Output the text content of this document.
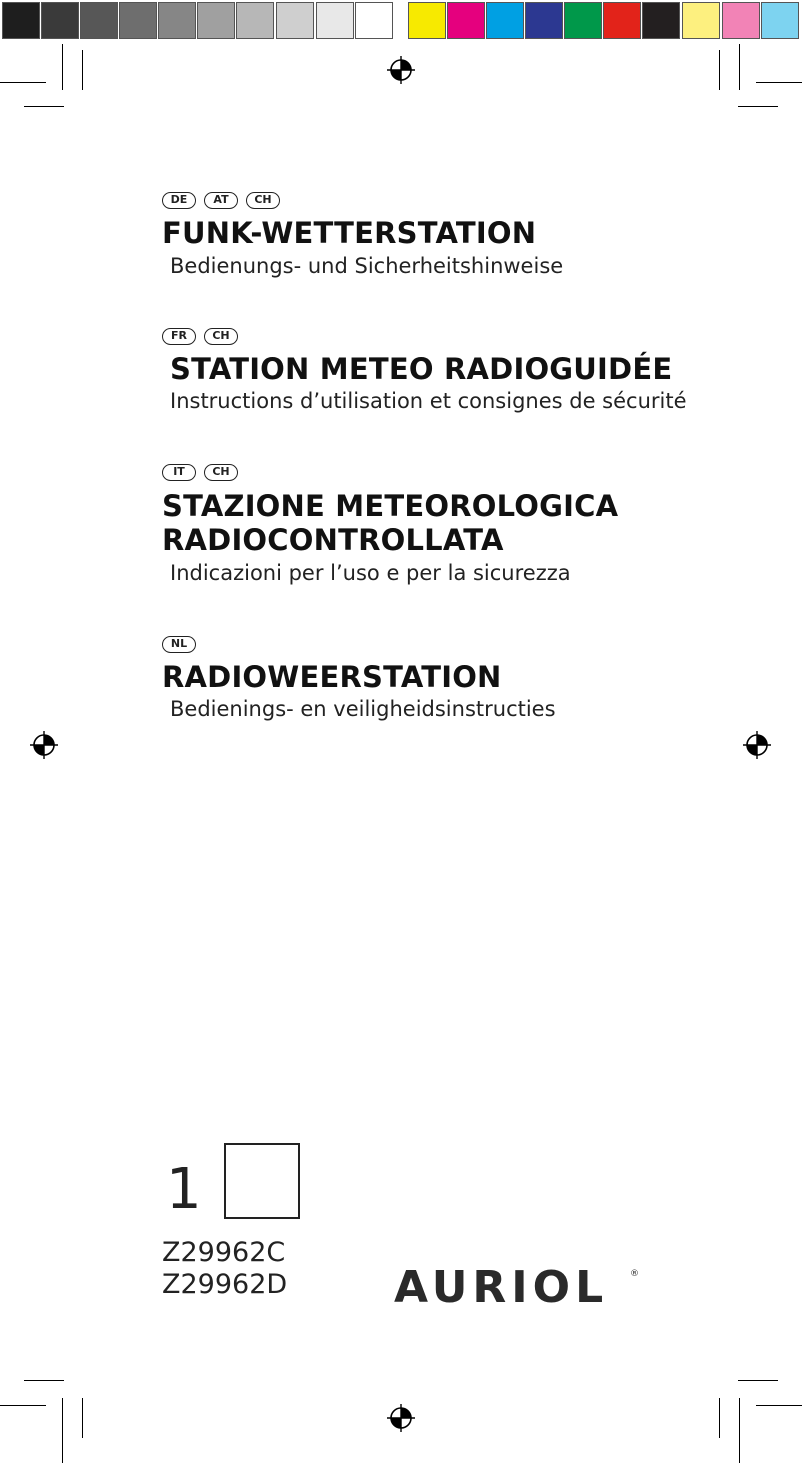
DE	AT	CH
FUNK-WETTERSTATION
Bedienungs- und Sicherheitshinweise
FR	CH
STATION METEO RADIOGUIDÉE
Instructions d’utilisation et consignes de sécurité
IT	CH
STAZIONE METEOROLOGICA
RADIOCONTROLLATA
Indicazioni per l’uso e per la sicurezza
NL
RADIOWEERSTATION
Bedienings- en veiligheidsinstructies
1
Z29962C
Z29962D AURIOL ®
